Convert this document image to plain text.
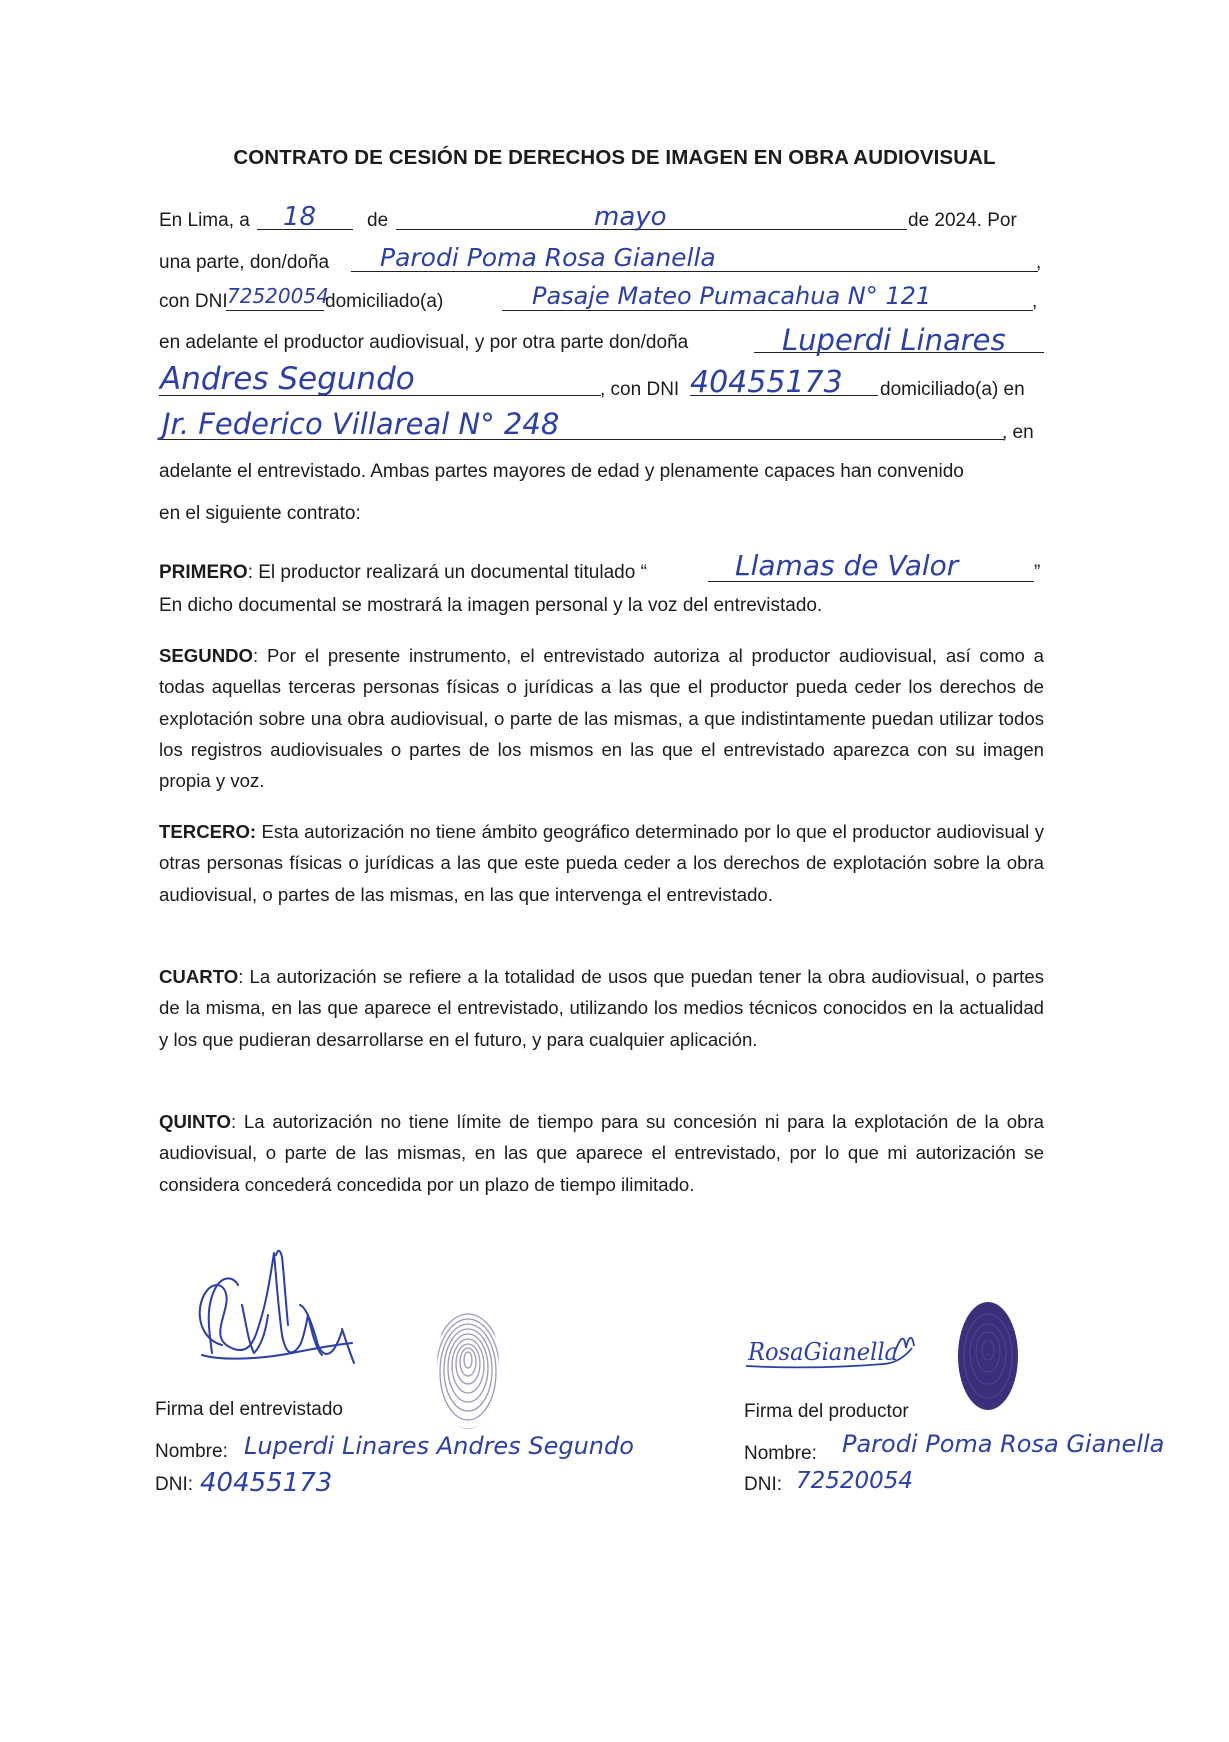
CONTRATO DE CESIÓN DE DERECHOS DE IMAGEN EN OBRA AUDIOVISUAL
En Lima, a 18	de	mayo	de 2024. Por
una parte, don/doña Parodi Poma Rosa Gianella	,
con DNI 72520054
domiciliado(a)	Pasaje Mateo Pumacahua N° 121	,
en adelante el productor audiovisual, y por otra parte don/doña	Luperdi Linares
Andres Segundo	, con DNI 40455173 domiciliado(a) en
Jr. Federico Villareal N° 248	, en
adelante el entrevistado. Ambas partes mayores de edad y plenamente capaces han convenido
en el siguiente contrato:
PRIMERO: El productor realizará un documental titulado “	Llamas de Valor	”
En dicho documental se mostrará la imagen personal y la voz del entrevistado.
SEGUNDO: Por el presente instrumento, el entrevistado autoriza al productor audiovisual, así como a todas aquellas terceras personas físicas o jurídicas a las que el productor pueda ceder los derechos de explotación sobre una obra audiovisual, o parte de las mismas, a que indistintamente puedan utilizar todos los registros audiovisuales o partes de los mismos en las que el entrevistado aparezca con su imagen propia y voz.
TERCERO: Esta autorización no tiene ámbito geográfico determinado por lo que el productor audiovisual y otras personas físicas o jurídicas a las que este pueda ceder a los derechos de explotación sobre la obra audiovisual, o partes de las mismas, en las que intervenga el entrevistado.
CUARTO: La autorización se refiere a la totalidad de usos que puedan tener la obra audiovisual, o partes de la misma, en las que aparece el entrevistado, utilizando los medios técnicos conocidos en la actualidad y los que pudieran desarrollarse en el futuro, y para cualquier aplicación.
QUINTO: La autorización no tiene límite de tiempo para su concesión ni para la explotación de la obra audiovisual, o parte de las mismas, en las que aparece el entrevistado, por lo que mi autorización se considera concederá concedida por un plazo de tiempo ilimitado.
RosaGianella
Firma del entrevistado
Nombre: Luperdi Linares Andres Segundo
DNI: 40455173
Firma del productor
Nombre: Parodi Poma Rosa Gianella
DNI: 72520054
